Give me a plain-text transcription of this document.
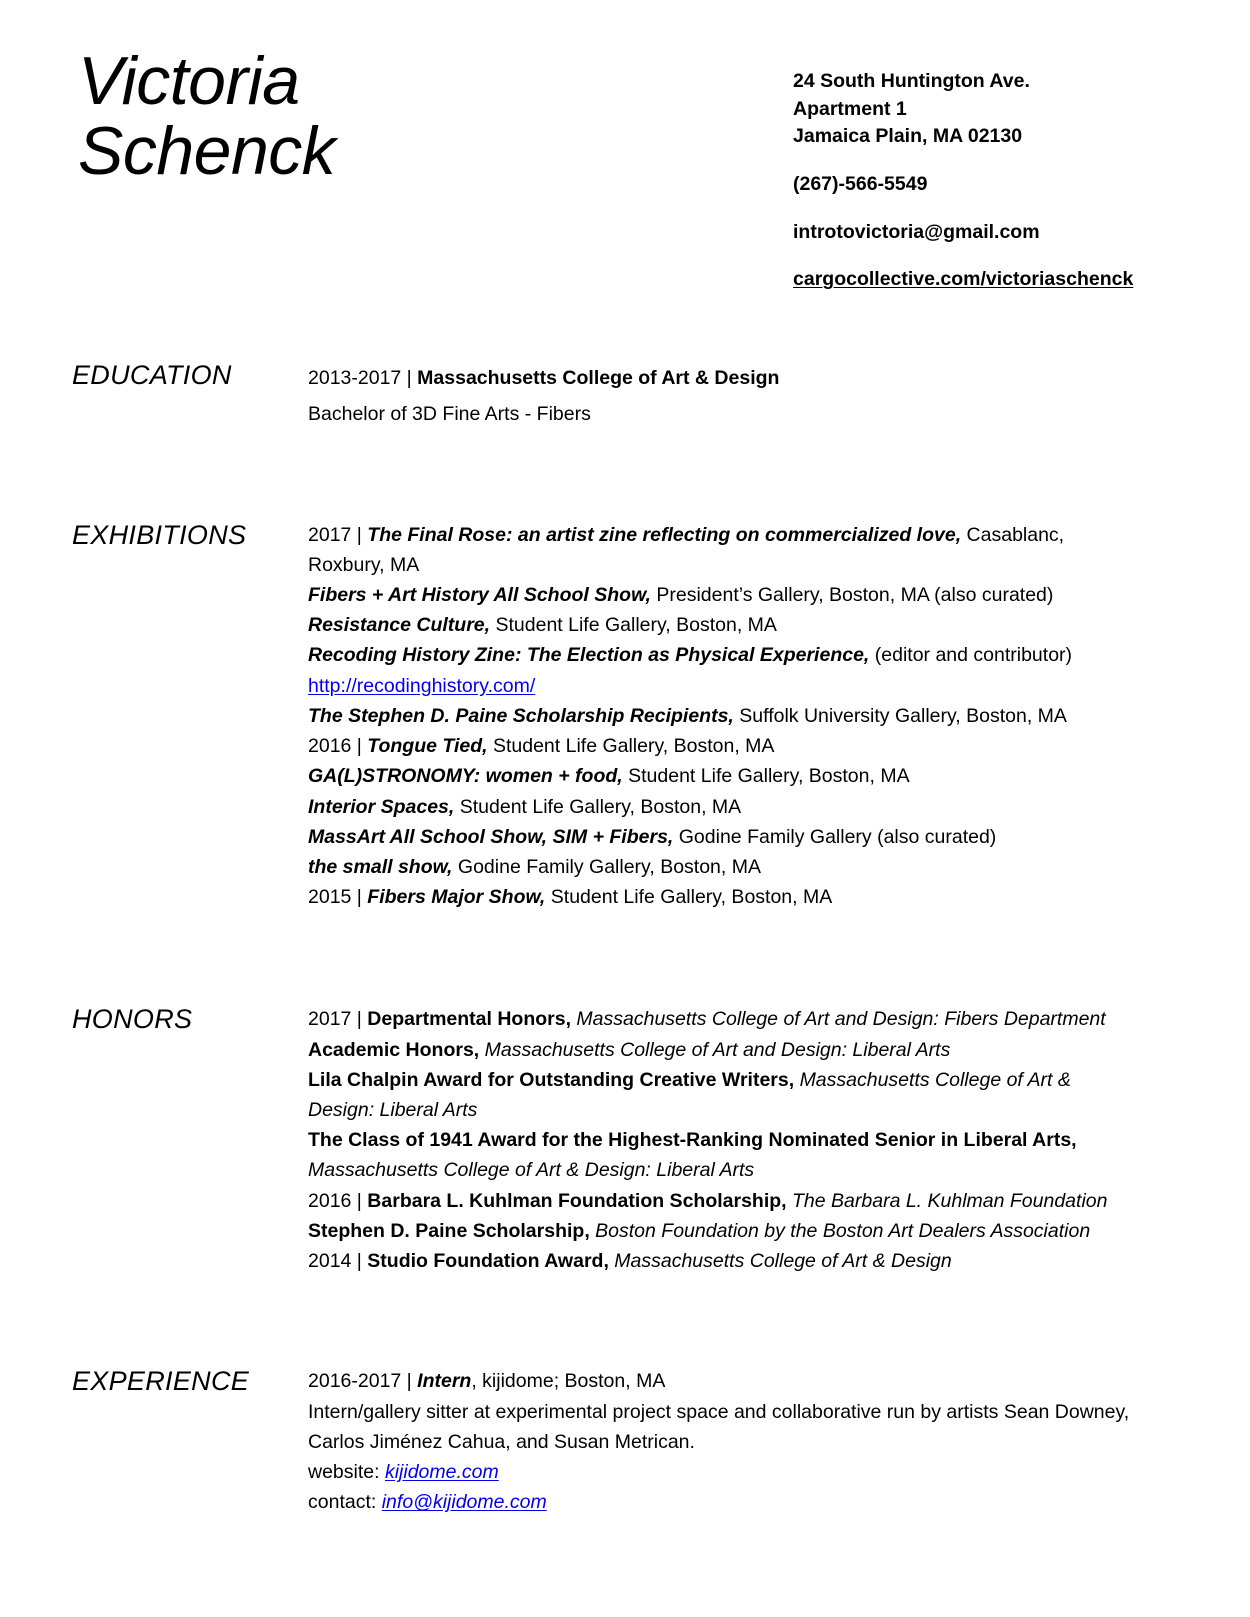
Victoria
Schenck
24 South Huntington Ave.
Apartment 1
Jamaica Plain, MA 02130
(267)-566-5549
introtovictoria@gmail.com
cargocollective.com/victoriaschenck
EDUCATION	2013-2017 | Massachusetts College of Art & Design
Bachelor of 3D Fine Arts - Fibers
EXHIBITIONS	2017 | The Final Rose: an artist zine reflecting on commercialized love, Casablanc, Roxbury, MA
Fibers + Art History All School Show, President’s Gallery, Boston, MA (also curated)
Resistance Culture, Student Life Gallery, Boston, MA
Recoding History Zine: The Election as Physical Experience, (editor and contributor)
http://recodinghistory.com/
The Stephen D. Paine Scholarship Recipients, Suffolk University Gallery, Boston, MA
2016 | Tongue Tied, Student Life Gallery, Boston, MA
GA(L)STRONOMY: women + food, Student Life Gallery, Boston, MA
Interior Spaces, Student Life Gallery, Boston, MA
MassArt All School Show, SIM + Fibers, Godine Family Gallery (also curated)
the small show, Godine Family Gallery, Boston, MA
2015 | Fibers Major Show, Student Life Gallery, Boston, MA
HONORS	2017 | Departmental Honors, Massachusetts College of Art and Design: Fibers Department
Academic Honors, Massachusetts College of Art and Design: Liberal Arts
Lila Chalpin Award for Outstanding Creative Writers, Massachusetts College of Art & Design: Liberal Arts
The Class of 1941 Award for the Highest-Ranking Nominated Senior in Liberal Arts, Massachusetts College of Art & Design: Liberal Arts
2016 | Barbara L. Kuhlman Foundation Scholarship, The Barbara L. Kuhlman Foundation
Stephen D. Paine Scholarship, Boston Foundation by the Boston Art Dealers Association
2014 | Studio Foundation Award, Massachusetts College of Art & Design
EXPERIENCE	2016-2017 | Intern, kijidome; Boston, MA
Intern/gallery sitter at experimental project space and collaborative run by artists Sean Downey, Carlos Jiménez Cahua, and Susan Metrican.
website: kijidome.com
contact: info@kijidome.com
